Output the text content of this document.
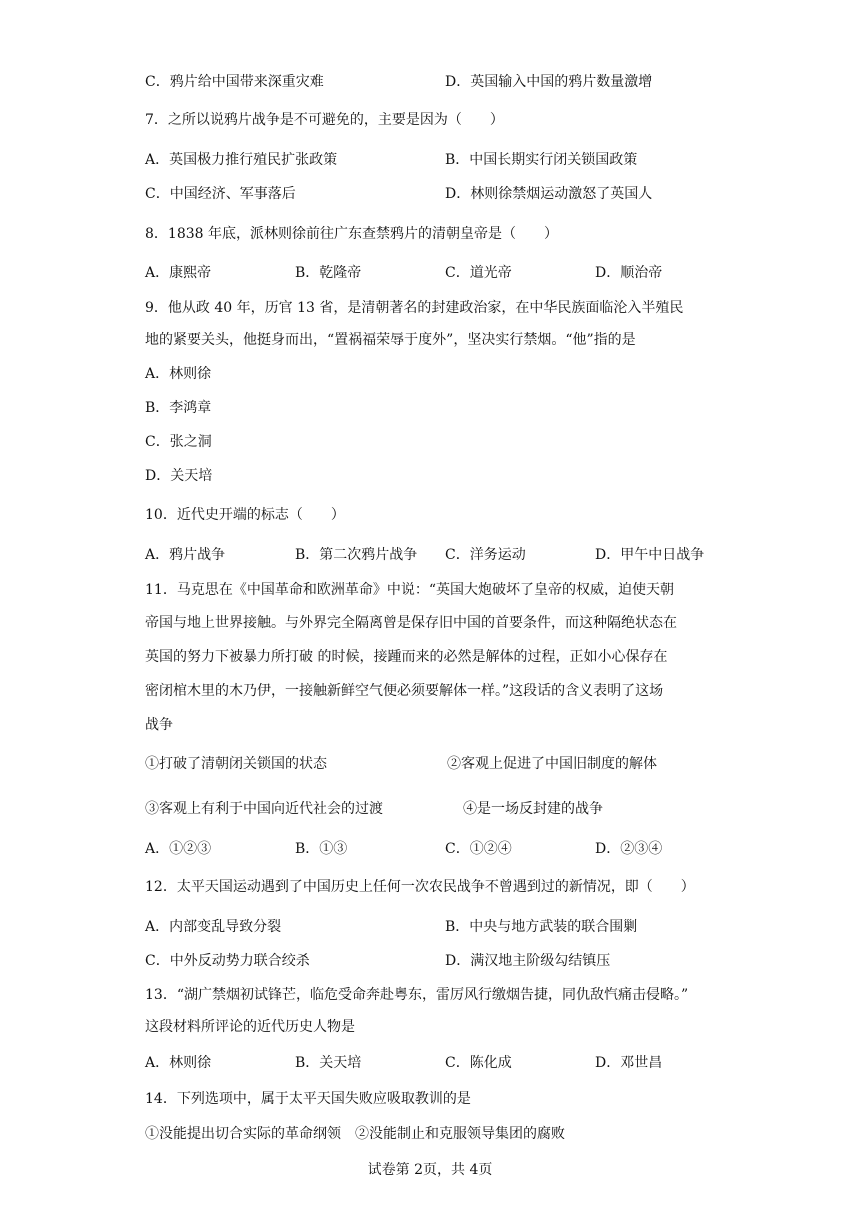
C．鸦片给中国带来深重灾难	D．英国输入中国的鸦片数量激增
7．之所以说鸦片战争是不可避免的，主要是因为（　　）
A．英国极力推行殖民扩张政策	B．中国长期实行闭关锁国政策
C．中国经济、军事落后	D．林则徐禁烟运动激怒了英国人
8．1838 年底，派林则徐前往广东查禁鸦片的清朝皇帝是（　　）
A．康熙帝	B．乾隆帝	C．道光帝	D．顺治帝
9．他从政 40 年，历官 13 省，是清朝著名的封建政治家，在中华民族面临沦入半殖民
地的紧要关头，他挺身而出，“置祸福荣辱于度外”，坚决实行禁烟。“他”指的是
A．林则徐
B．李鸿章
C．张之洞
D．关天培
10．近代史开端的标志（　　）
A．鸦片战争	B．第二次鸦片战争 C．洋务运动	D．甲午中日战争
11．马克思在《中国革命和欧洲革命》中说：“英国大炮破坏了皇帝的权威，迫使天朝
帝国与地上世界接触。与外界完全隔离曾是保存旧中国的首要条件，而这种隔绝状态在
英国的努力下被暴力所打破 的时候，接踵而来的必然是解体的过程，正如小心保存在
密闭棺木里的木乃伊，一接触新鲜空气便必须要解体一样。”这段话的含义表明了这场
战争
①打破了清朝闭关锁国的状态	②客观上促进了中国旧制度的解体
③客观上有利于中国向近代社会的过渡	④是一场反封建的战争
A．①②③	B．①③	C．①②④	D．②③④
12．太平天国运动遇到了中国历史上任何一次农民战争不曾遇到过的新情况，即（　　）
A．内部变乱导致分裂	B．中央与地方武装的联合围剿
C．中外反动势力联合绞杀	D．满汉地主阶级勾结镇压
13．“湖广禁烟初试锋芒，临危受命奔赴粤东，雷厉风行缴烟告捷，同仇敌忾痛击侵略。”
这段材料所评论的近代历史人物是
A．林则徐	B．关天培	C．陈化成	D．邓世昌
14．下列选项中，属于太平天国失败应吸取教训的是
①没能提出切合实际的革命纲领　②没能制止和克服领导集团的腐败
试卷第 2页，共 4页
